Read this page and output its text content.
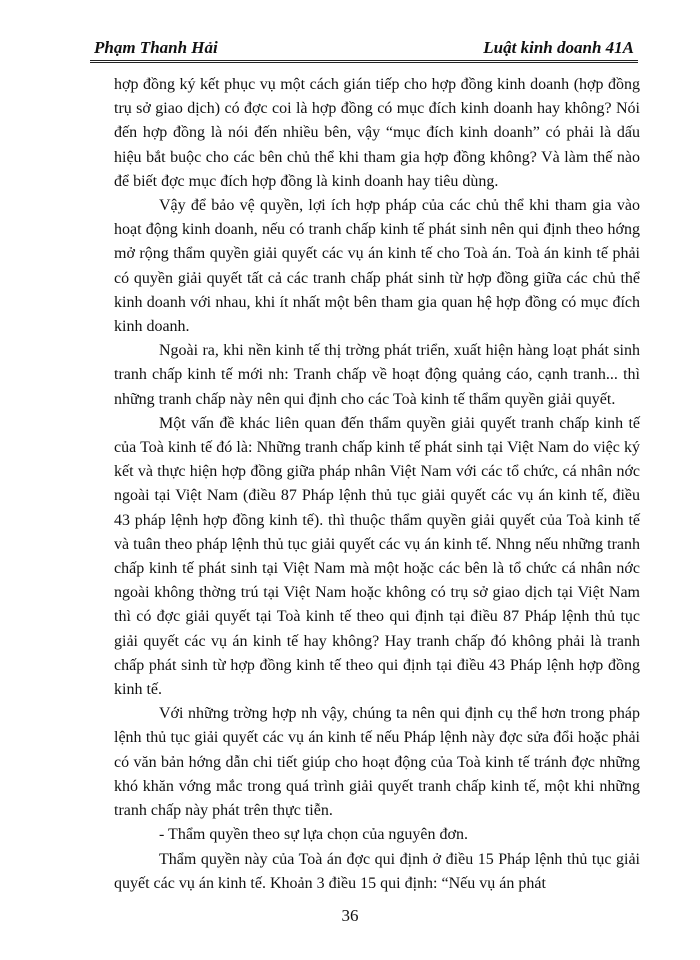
Phạm Thanh Hải	Luật kinh doanh 41A

hợp đồng ký kết phục vụ một cách gián tiếp cho hợp đồng kinh doanh (hợp đồng trụ sở giao dịch) có đợc coi là hợp đồng có mục đích kinh doanh hay không? Nói đến hợp đồng là nói đến nhiều bên, vậy “mục đích kinh doanh” có phải là dấu hiệu bắt buộc cho các bên chủ thể khi tham gia hợp đồng không? Và làm thế nào để biết đợc mục đích hợp đồng là kinh doanh hay tiêu dùng.

Vậy để bảo vệ quyền, lợi ích hợp pháp của các chủ thể khi tham gia vào hoạt động kinh doanh, nếu có tranh chấp kinh tế phát sinh nên qui định theo hớng mở rộng thẩm quyền giải quyết các vụ án kinh tế cho Toà án. Toà án kinh tế phải có quyền giải quyết tất cả các tranh chấp phát sinh từ hợp đồng giữa các chủ thể kinh doanh với nhau, khi ít nhất một bên tham gia quan hệ hợp đồng có mục đích kinh doanh.

Ngoài ra, khi nền kinh tế thị trờng phát triển, xuất hiện hàng loạt phát sinh tranh chấp kinh tế mới nh: Tranh chấp về hoạt động quảng cáo, cạnh tranh... thì những tranh chấp này nên qui định cho các Toà kinh tế thẩm quyền giải quyết.

Một vấn đề khác liên quan đến thẩm quyền giải quyết tranh chấp kinh tế của Toà kinh tế đó là: Những tranh chấp kinh tế phát sinh tại Việt Nam do việc ký kết và thực hiện hợp đồng giữa pháp nhân Việt Nam với các tổ chức, cá nhân nớc ngoài tại Việt Nam (điều 87 Pháp lệnh thủ tục giải quyết các vụ án kinh tế, điều 43 pháp lệnh hợp đồng kinh tế). thì thuộc thẩm quyền giải quyết của Toà kinh tế và tuân theo pháp lệnh thủ tục giải quyết các vụ án kinh tế. Nhng nếu những tranh chấp kinh tế phát sinh tại Việt Nam mà một hoặc các bên là tổ chức cá nhân nớc ngoài không thờng trú tại Việt Nam hoặc không có trụ sở giao dịch tại Việt Nam thì có đợc giải quyết tại Toà kinh tế theo qui định tại điều 87 Pháp lệnh thủ tục giải quyết các vụ án kinh tế hay không? Hay tranh chấp đó không phải là tranh chấp phát sinh từ hợp đồng kinh tế theo qui định tại điều 43 Pháp lệnh hợp đồng kinh tế.

Với những trờng hợp nh vậy, chúng ta nên qui định cụ thể hơn trong pháp lệnh thủ tục giải quyết các vụ án kinh tế nếu Pháp lệnh này đợc sửa đổi hoặc phải có văn bản hớng dẫn chi tiết giúp cho hoạt động của Toà kinh tế tránh đợc những khó khăn vớng mắc trong quá trình giải quyết tranh chấp kinh tế, một khi những tranh chấp này phát trên thực tiễn.

- Thẩm quyền theo sự lựa chọn của nguyên đơn.

Thẩm quyền này của Toà án đợc qui định ở điều 15 Pháp lệnh thủ tục giải quyết các vụ án kinh tế. Khoản 3 điều 15 qui định: “Nếu vụ án phát

36
